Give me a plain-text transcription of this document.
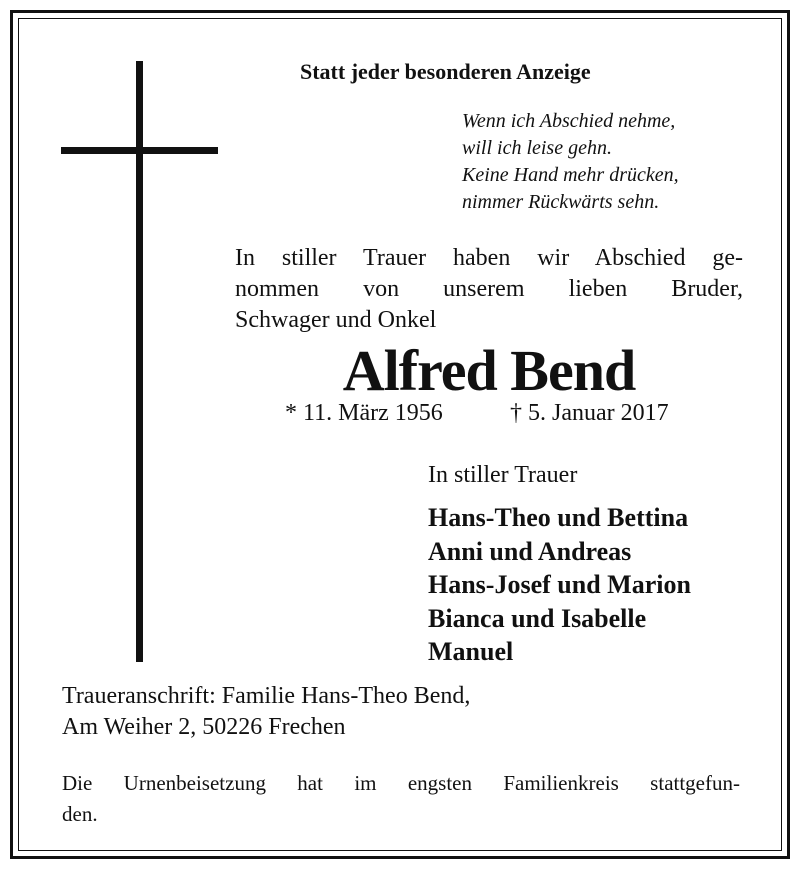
Statt jeder besonderen Anzeige
Wenn ich Abschied nehme,
will ich leise gehn.
Keine Hand mehr drücken,
nimmer Rückwärts sehn.
In stiller Trauer haben wir Abschied ge-
nommen von unserem lieben Bruder,
Schwager und Onkel
Alfred Bend
* 11. März 1956	† 5. Januar 2017
In stiller Trauer
Hans-Theo und Bettina
Anni und Andreas
Hans-Josef und Marion
Bianca und Isabelle
Manuel
Traueranschrift: Familie Hans-Theo Bend,
Am Weiher 2, 50226 Frechen
Die Urnenbeisetzung hat im engsten Familienkreis stattgefun-
den.
